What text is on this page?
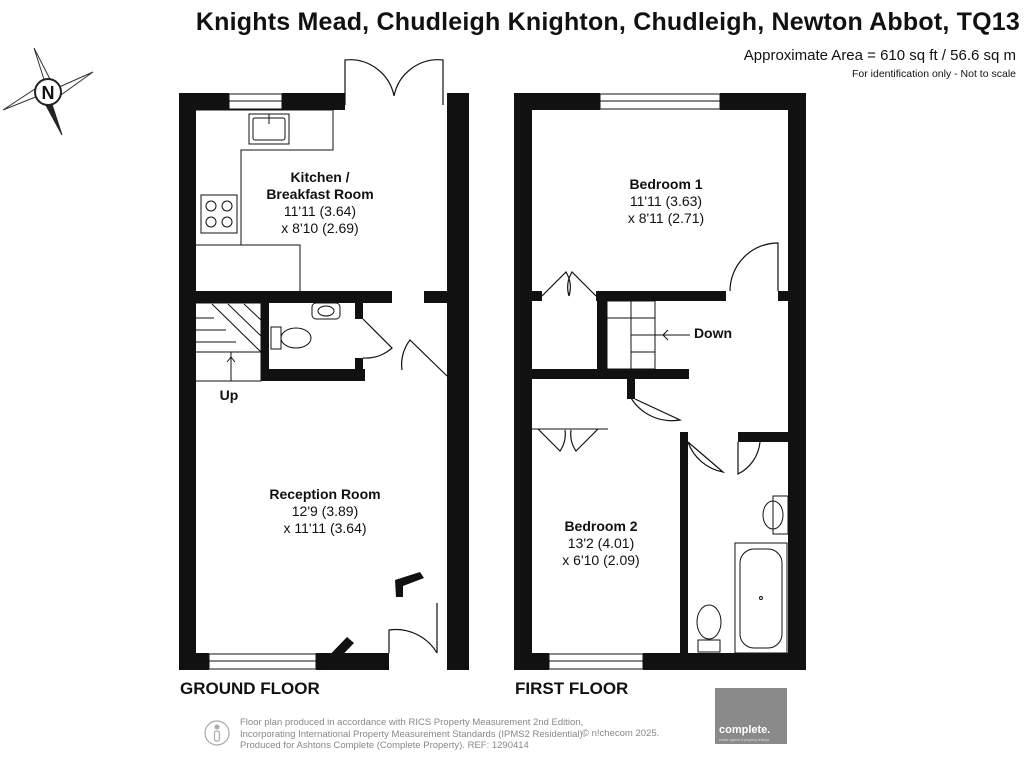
Knights Mead, Chudleigh Knighton, Chudleigh, Newton Abbot, TQ13
Approximate Area = 610 sq ft / 56.6 sq m
For identification only - Not to scale
N
Kitchen /
Breakfast Room
11'11 (3.64)
x 8'10 (2.69)
Reception Room
12'9 (3.89)
x 11'11 (3.64)
Up
Bedroom 1
11'11 (3.63)
x 8'11 (2.71)
Down
Bedroom 2
13'2 (4.01)
x 6'10 (2.09)
GROUND FLOOR	FIRST FLOOR
Floor plan produced in accordance with RICS Property Measurement 2nd Edition,
Incorporating International Property Measurement Standards (IPMS2 Residential).
Produced for Ashtons Complete (Complete Property). REF: 1290414
© n!checom 2025.	complete.
estate agents & property lettings
